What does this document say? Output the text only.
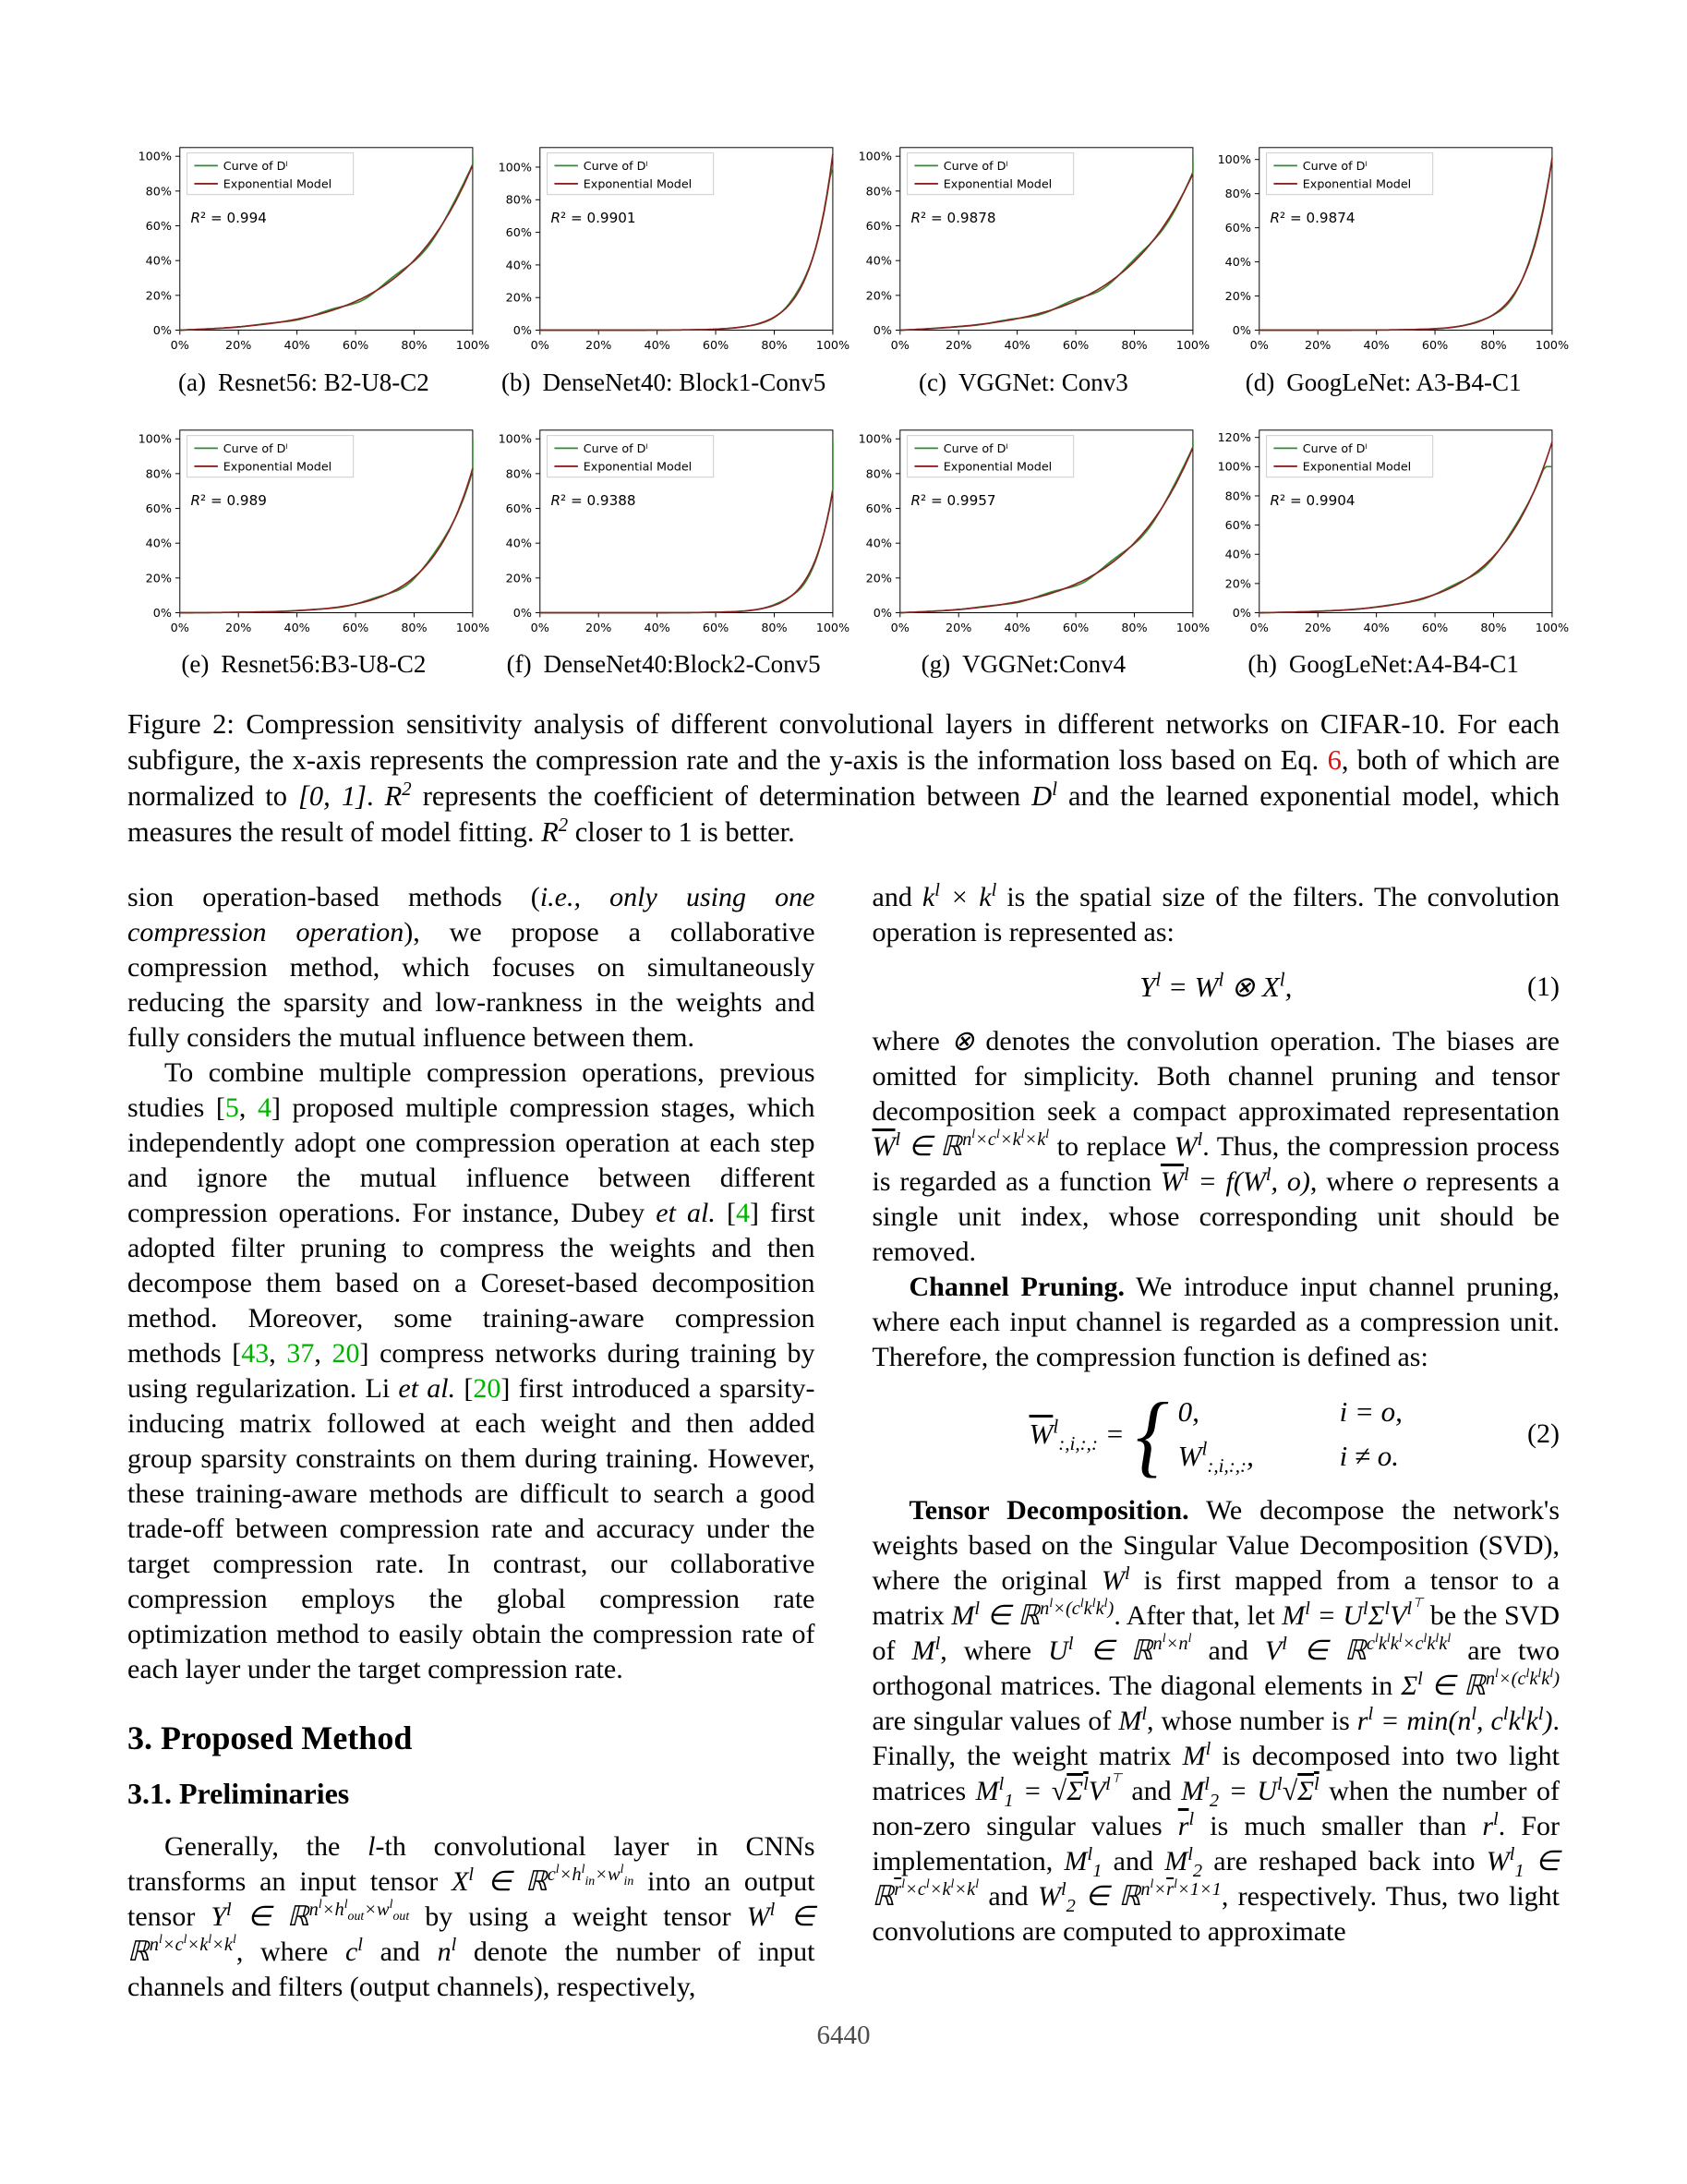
0%
20%
40%
60%
80%
100%
0%	20%	40%	60%	80% 100%
Curve of Dˡ
Exponential Model
R² = 0.994
(a) Resnet56: B2-U8-C2
0%
20%
40%
60%
80%
100%
0%	20%	40%	60%	80% 100%
Curve of Dˡ
Exponential Model
R² = 0.9901
(b) DenseNet40: Block1-Conv5
0%
20%
40%
60%
80%
100%
0%	20%	40%	60%	80% 100%
Curve of Dˡ
Exponential Model
R² = 0.9878
(c) VGGNet: Conv3
0%
20%
40%
60%
80%
100%
0%	20%	40%	60%	80% 100%
Curve of Dˡ
Exponential Model
R² = 0.9874
(d) GoogLeNet: A3-B4-C1
0%
20%
40%
60%
80%
100%
0%	20%	40%	60%	80% 100%
Curve of Dˡ
Exponential Model
R² = 0.989
(e) Resnet56:B3-U8-C2
0%
20%
40%
60%
80%
100%
0%	20%	40%	60%	80% 100%
Curve of Dˡ
Exponential Model
R² = 0.9388
(f) DenseNet40:Block2-Conv5
0%
20%
40%
60%
80%
100%
0%	20%	40%	60%	80% 100%
Curve of Dˡ
Exponential Model
R² = 0.9957
(g) VGGNet:Conv4
0%
20%
40%
60%
80%
100%
120%
0%	20%	40%	60%	80% 100%
Curve of Dˡ
Exponential Model
R² = 0.9904
(h) GoogLeNet:A4-B4-C1
Figure 2: Compression sensitivity analysis of different convolutional layers in different networks on CIFAR-10. For each subfigure, the x-axis represents the compression rate and the y-axis is the information loss based on Eq. 6, both of which are normalized to [0, 1]. $R^2$ represents the coefficient of determination between $D^l$ and the learned exponential model, which measures the result of model fitting. $R^2$ closer to 1 is better.

sion operation-based methods (i.e., only using one compression operation), we propose a collaborative compression method, which focuses on simultaneously reducing the sparsity and low-rankness in the weights and fully considers the mutual influence between them.

To combine multiple compression operations, previous studies [5, 4] proposed multiple compression stages, which independently adopt one compression operation at each step and ignore the mutual influence between different compression operations. For instance, Dubey et al. [4] first adopted filter pruning to compress the weights and then decompose them based on a Coreset-based decomposition method. Moreover, some training-aware compression methods [43, 37, 20] compress networks during training by using regularization. Li et al. [20] first introduced a sparsity-inducing matrix followed at each weight and then added group sparsity constraints on them during training. However, these training-aware methods are difficult to search a good trade-off between compression rate and accuracy under the target compression rate. In contrast, our collaborative compression employs the global compression rate optimization method to easily obtain the compression rate of each layer under the target compression rate.

3. Proposed Method
3.1. Preliminaries

Generally, the l-th convolutional layer in CNNs transforms an input tensor $X^l$ ∈ ℝ$^{c^l\times h^l_{in}\times w^l_{in}}$ into an output tensor $Y^l$ ∈ ℝ$^{n^l\times h^l_{out}\times w^l_{out}}$ by using a weight tensor $W^l$ ∈ ℝ$^{n^l\times c^l\times k^l\times k^l}$, where $c^l$ and $n^l$ denote the number of input channels and filters (output channels), respectively,

and $k^l \times k^l$ is the spatial size of the filters. The convolution operation is represented as:

$Y^l = W^l$ ⊗ $X^l$,	(1)

where ⊗ denotes the convolution operation. The biases are omitted for simplicity. Both channel pruning and tensor decomposition seek a compact approximated representation $\overline{W}^l$ ∈ ℝ$^{n^l\times c^l\times k^l\times k^l}$ to replace $W^l$. Thus, the compression process is regarded as a function $\overline{W}^l = f(W^l$, o), where o represents a single unit index, whose corresponding unit should be removed.

Channel Pruning. We introduce input channel pruning, where each input channel is regarded as a compression unit. Therefore, the compression function is defined as:

$\overline{W}^l_{:,i,:,:}$ = { 0,	i = o,
$W^l_{:,i,:,:}$,	i ≠ o.
(2)

Tensor Decomposition. We decompose the network's weights based on the Singular Value Decomposition (SVD), where the original $W^l$ is first mapped from a tensor to a matrix $M^l$ ∈ ℝ$^{n^l\times(c^lk^lk^l)}$. After that, let $M^l = U^l\Sigma^lV^{l^⊤}$ be the SVD of $M^l$, where $U^l$ ∈ ℝ$^{n^l\times n^l}$ and $V^l$ ∈ ℝ$^{c^lk^lk^l\times c^lk^lk^l}$ are two orthogonal matrices. The diagonal elements in $\Sigma^l$ ∈ ℝ$^{n^l\times(c^lk^lk^l)}$ are singular values of $M^l$, whose number is $r^l = \min(n^l$, $c^lk^lk^l$). Finally, the weight matrix $M^l$ is decomposed into two light matrices $M^l_1 = √\Sigma^lV^{l^⊤}$ and $M^l_2 = U^l√\Sigma^l$ when the number of non-zero singular values $\overline{r}^l$ is much smaller than $r^l$. For implementation, $M^l_1$ and $M^l_2$ are reshaped back into $W^l_1$ ∈ ℝ$^{\overline{r}^l\times c^l\times k^l\times k^l}$ and $W^l_2$ ∈ ℝ$^{n^l\times\overline{r}^l\times 1\times 1}$, respectively. Thus, two light convolutions are computed to approximate

6440
